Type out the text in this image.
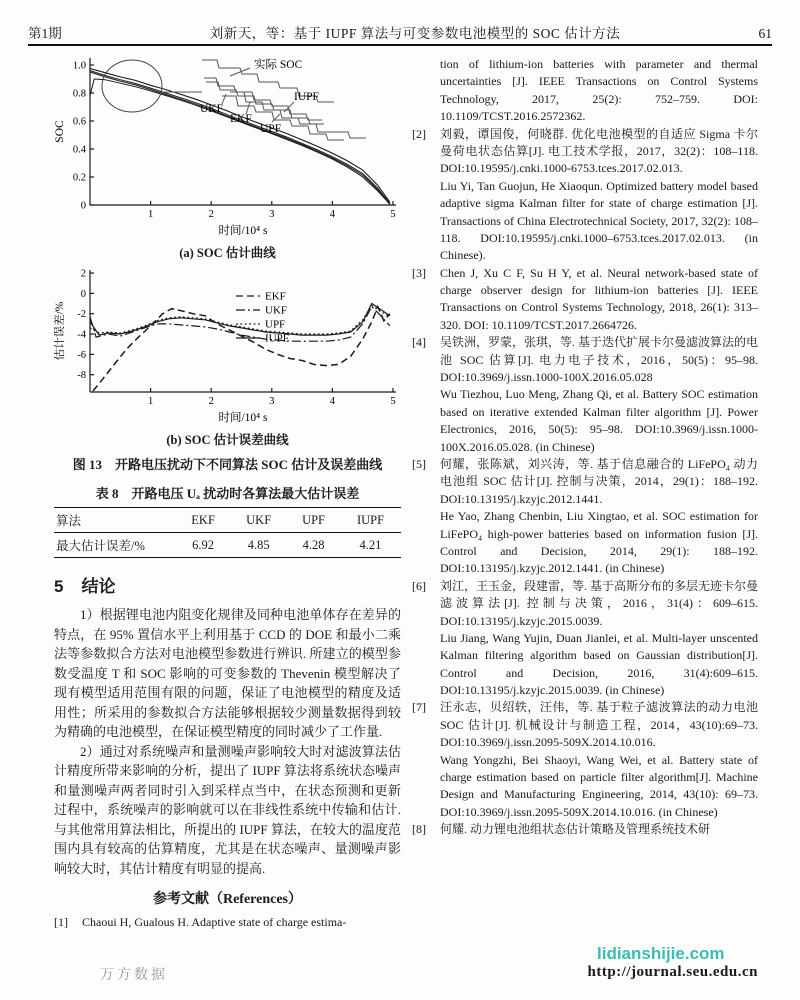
第1期	刘新天，等：基于 IUPF 算法与可变参数电池模型的 SOC 估计方法	61
1	2	3	4	5
0
0.2
0.4
0.6
0.8
1.0
时间/10⁴ s
SOC
实际 SOC
UKF
EKF
UPF
IUPF
(a) SOC 估计曲线
1	2	3	4	5
2
0
-2
-4
-6
-8
时间/10⁴ s
估计误差/%
EKF
UKF
UPF
IUPF
(b) SOC 估计误差曲线
图 13　开路电压扰动下不同算法 SOC 估计及误差曲线
表 8　开路电压 Uₐ 扰动时各算法最大估计误差
算法	EKF	UKF	UPF	IUPF
最大估计误差/%	6.92	4.85	4.28	4.21
5 结论

1）根据锂电池内阻变化规律及同种电池单体存在差异的特点，在 95% 置信水平上利用基于 CCD 的 DOE 和最小二乘法等参数拟合方法对电池模型参数进行辨识. 所建立的模型参数受温度 T 和 SOC 影响的可变参数的 Thevenin 模型解决了现有模型适用范围有限的问题，保证了电池模型的精度及适用性；所采用的参数拟合方法能够根据较少测量数据得到较为精确的电池模型，在保证模型精度的同时减少了工作量.

2）通过对系统噪声和量测噪声影响较大时对滤波算法估计精度所带来影响的分析，提出了 IUPF 算法将系统状态噪声和量测噪声两者同时引入到采样点当中，在状态预测和更新过程中，系统噪声的影响就可以在非线性系统中传输和估计. 与其他常用算法相比，所提出的 IUPF 算法，在较大的温度范围内具有较高的估算精度，尤其是在状态噪声、量测噪声影响较大时，其估计精度有明显的提高.

参考文献（References）
[1] Chaoui H, Gualous H. Adaptive state of charge estima-

tion of lithium-ion batteries with parameter and thermal uncertainties [J]. IEEE Transactions on Control Systems Technology, 2017, 25(2): 752–759. DOI: 10.1109/TCST.2016.2572362.

[2] 刘毅，谭国俊，何晓群. 优化电池模型的自适应 Sigma 卡尔曼荷电状态估算[J]. 电工技术学报，2017，32(2)：108–118. DOI:10.19595/j.cnki.1000-6753.tces.2017.02.013.

Liu Yi, Tan Guojun, He Xiaoqun. Optimized battery model based adaptive sigma Kalman filter for state of charge estimation [J]. Transactions of China Electrotechnical Society, 2017, 32(2): 108–118. DOI:10.19595/j.cnki.1000–6753.tces.2017.02.013. (in Chinese).

[3] Chen J, Xu C F, Su H Y, et al. Neural network-based state of charge observer design for lithium-ion batteries [J]. IEEE Transactions on Control Systems Technology, 2018, 26(1): 313–320. DOI: 10.1109/TCST.2017.2664726.

[4] 吴铁洲，罗蒙，张琪，等. 基于迭代扩展卡尔曼滤波算法的电池 SOC 估算[J]. 电力电子技术，2016，50(5)：95–98. DOI:10.3969/j.issn.1000-100X.2016.05.028

Wu Tiezhou, Luo Meng, Zhang Qi, et al. Battery SOC estimation based on iterative extended Kalman filter algorithm [J]. Power Electronics, 2016, 50(5): 95–98. DOI:10.3969/j.issn.1000-100X.2016.05.028. (in Chinese)

[5] 何耀，张陈斌，刘兴涛，等. 基于信息融合的 LiFePO₄ 动力电池组 SOC 估计[J]. 控制与决策，2014，29(1)：188–192. DOI:10.13195/j.kzyjc.2012.1441.

He Yao, Zhang Chenbin, Liu Xingtao, et al. SOC estimation for LiFePO₄ high-power batteries based on information fusion [J]. Control and Decision, 2014, 29(1): 188–192. DOI:10.13195/j.kzyjc.2012.1441. (in Chinese)

[6] 刘江，王玉金，段建雷，等. 基于高斯分布的多层无迹卡尔曼滤波算法[J]. 控制与决策，2016，31(4)：609–615. DOI:10.13195/j.kzyjc.2015.0039.

Liu Jiang, Wang Yujin, Duan Jianlei, et al. Multi-layer unscented Kalman filtering algorithm based on Gaussian distribution[J]. Control and Decision, 2016, 31(4):609–615. DOI:10.13195/j.kzyjc.2015.0039. (in Chinese)

[7] 汪永志，贝绍轶，汪伟，等. 基于粒子滤波算法的动力电池 SOC 估计[J]. 机械设计与制造工程，2014，43(10):69–73. DOI:10.3969/j.issn.2095-509X.2014.10.016.

Wang Yongzhi, Bei Shaoyi, Wang Wei, et al. Battery state of charge estimation based on particle filter algorithm[J]. Machine Design and Manufacturing Engineering, 2014, 43(10): 69–73. DOI:10.3969/j.issn.2095-509X.2014.10.016. (in Chinese)

[8] 何耀. 动力锂电池组状态估计策略及管理系统技术研

lidianshijie.com
http://journal.seu.edu.cn
万方数据
